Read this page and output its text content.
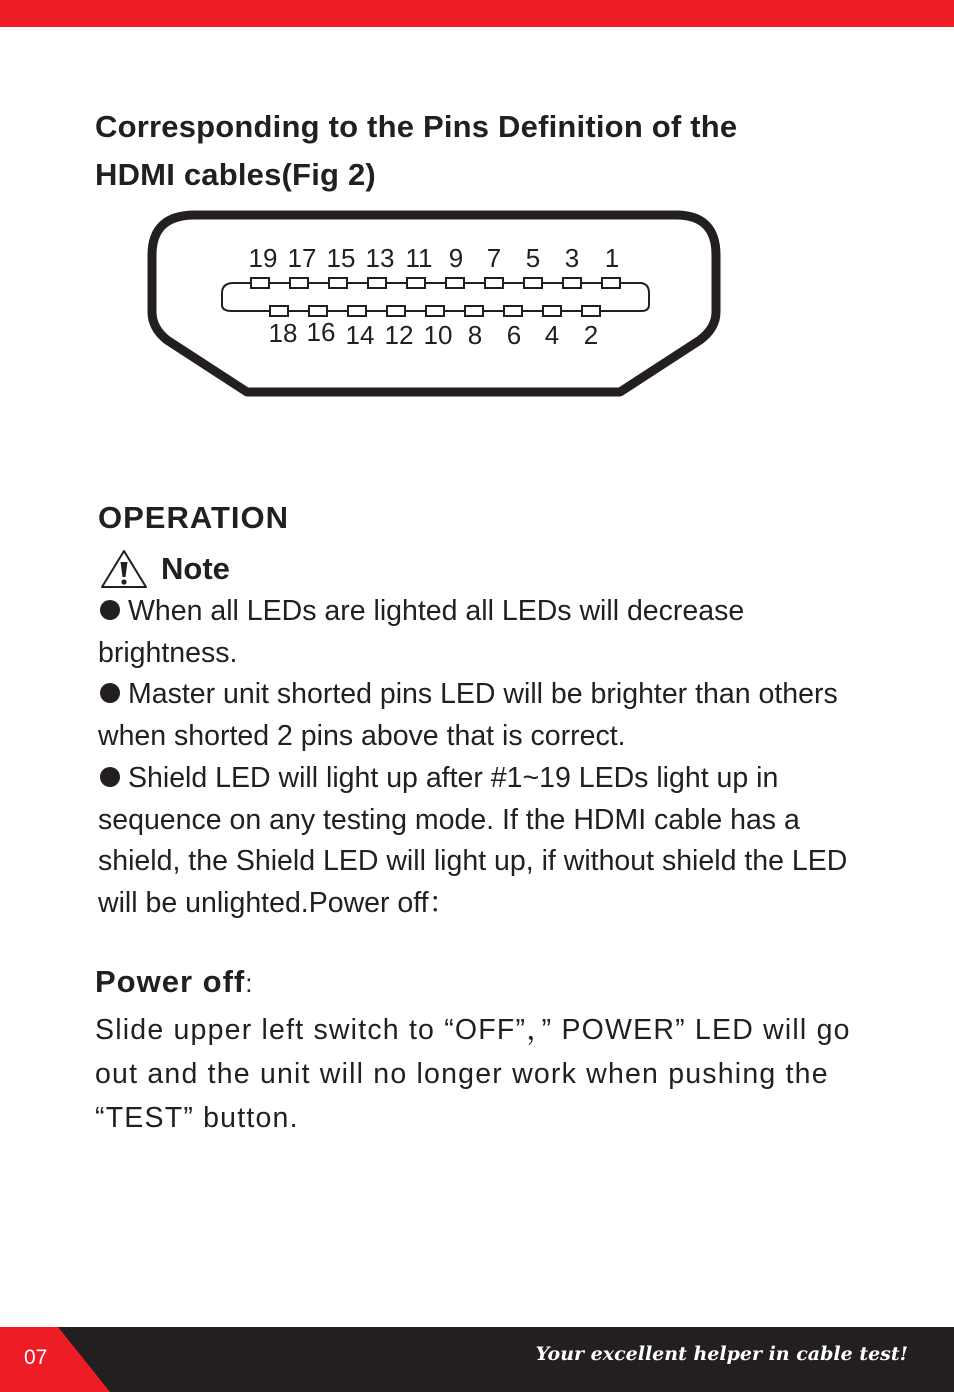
Corresponding to the Pins Definition of the
HDMI cables(Fig 2)
19 17 15 13 11 9 7 5 3 1
18 16 14 12 10 8 6 4 2
OPERATION
Note
When all LEDs are lighted all LEDs will decrease brightness.
Master unit shorted pins LED will be brighter than others when shorted 2 pins above that is correct.
Shield LED will light up after #1~19 LEDs light up in sequence on any testing mode. If the HDMI cable has a shield, the Shield LED will light up, if without shield the LED will be unlighted.Power off：
Power off:

Slide upper left switch to “OFF”，” POWER” LED will go out and the unit will no longer work when pushing the “TEST” button.

07	Your excellent helper in cable test!
